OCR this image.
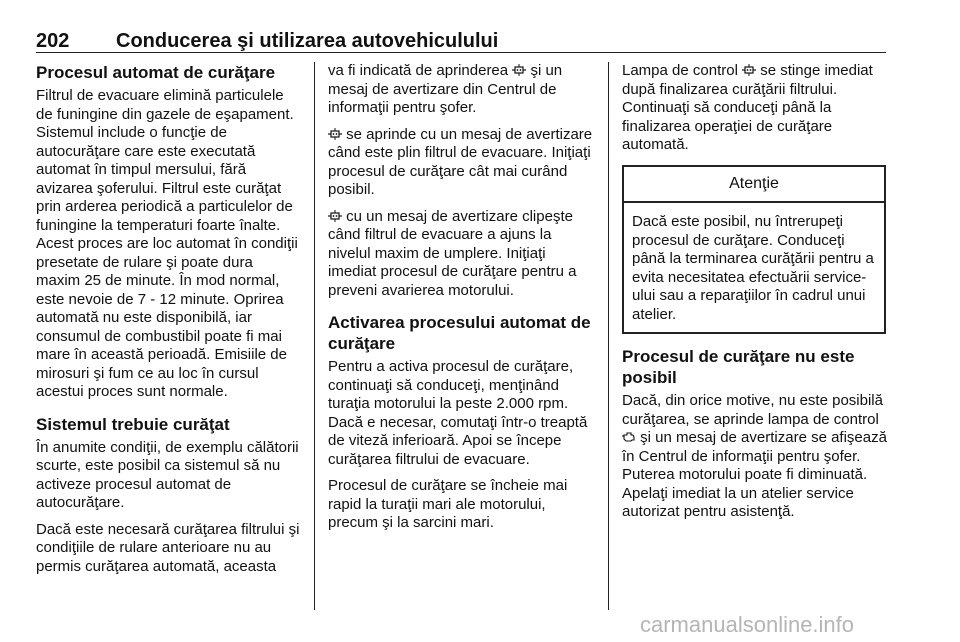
202 Conducerea şi utilizarea autovehiculului
Procesul automat de curăţare

Filtrul de evacuare elimină particulele de funingine din gazele de eşapament. Sistemul include o funcţie de autocurăţare care este executată automat în timpul mersului, fără avizarea şoferului. Filtrul este curăţat prin arderea periodică a particulelor de funingine la temperaturi foarte înalte. Acest proces are loc automat în condiţii presetate de rulare şi poate dura maxim 25 de minute. În mod normal, este nevoie de 7 - 12 minute. Oprirea automată nu este disponibilă, iar consumul de combustibil poate fi mai mare în această perioadă. Emisiile de mirosuri şi fum ce au loc în cursul acestui proces sunt normale.

Sistemul trebuie curăţat

În anumite condiţii, de exemplu călătorii scurte, este posibil ca sistemul să nu activeze procesul automat de autocurăţare.

Dacă este necesară curăţarea filtrului şi condiţiile de rulare anterioare nu au permis curăţarea automată, aceasta

va fi indicată de aprinderea  şi un mesaj de avertizare din Centrul de informaţii pentru şofer.

se aprinde cu un mesaj de avertizare când este plin filtrul de evacuare. Iniţiaţi procesul de curăţare cât mai curând posibil.

cu un mesaj de avertizare clipeşte când filtrul de evacuare a ajuns la nivelul maxim de umplere. Iniţiaţi imediat procesul de curăţare pentru a preveni avarierea motorului.

Activarea procesului automat de curăţare

Pentru a activa procesul de curăţare, continuaţi să conduceţi, menţinând turaţia motorului la peste 2.000 rpm. Dacă e necesar, comutaţi într-o treaptă de viteză inferioară. Apoi se începe curăţarea filtrului de evacuare.

Procesul de curăţare se încheie mai rapid la turaţii mari ale motorului, precum şi la sarcini mari.

Lampa de control  se stinge imediat după finalizarea curăţării filtrului. Continuaţi să conduceţi până la finalizarea operaţiei de curăţare automată.

Atenţie
Dacă este posibil, nu întrerupeţi procesul de curăţare. Conduceţi până la terminarea curăţării pentru a evita necesitatea efectuării service-ului sau a reparaţiilor în cadrul unui atelier.
Procesul de curăţare nu este posibil

Dacă, din orice motive, nu este posibilă curăţarea, se aprinde lampa de control  şi un mesaj de avertizare se afişează în Centrul de informaţii pentru şofer. Puterea motorului poate fi diminuată. Apelaţi imediat la un atelier service autorizat pentru asistenţă.

carmanualsonline.info
